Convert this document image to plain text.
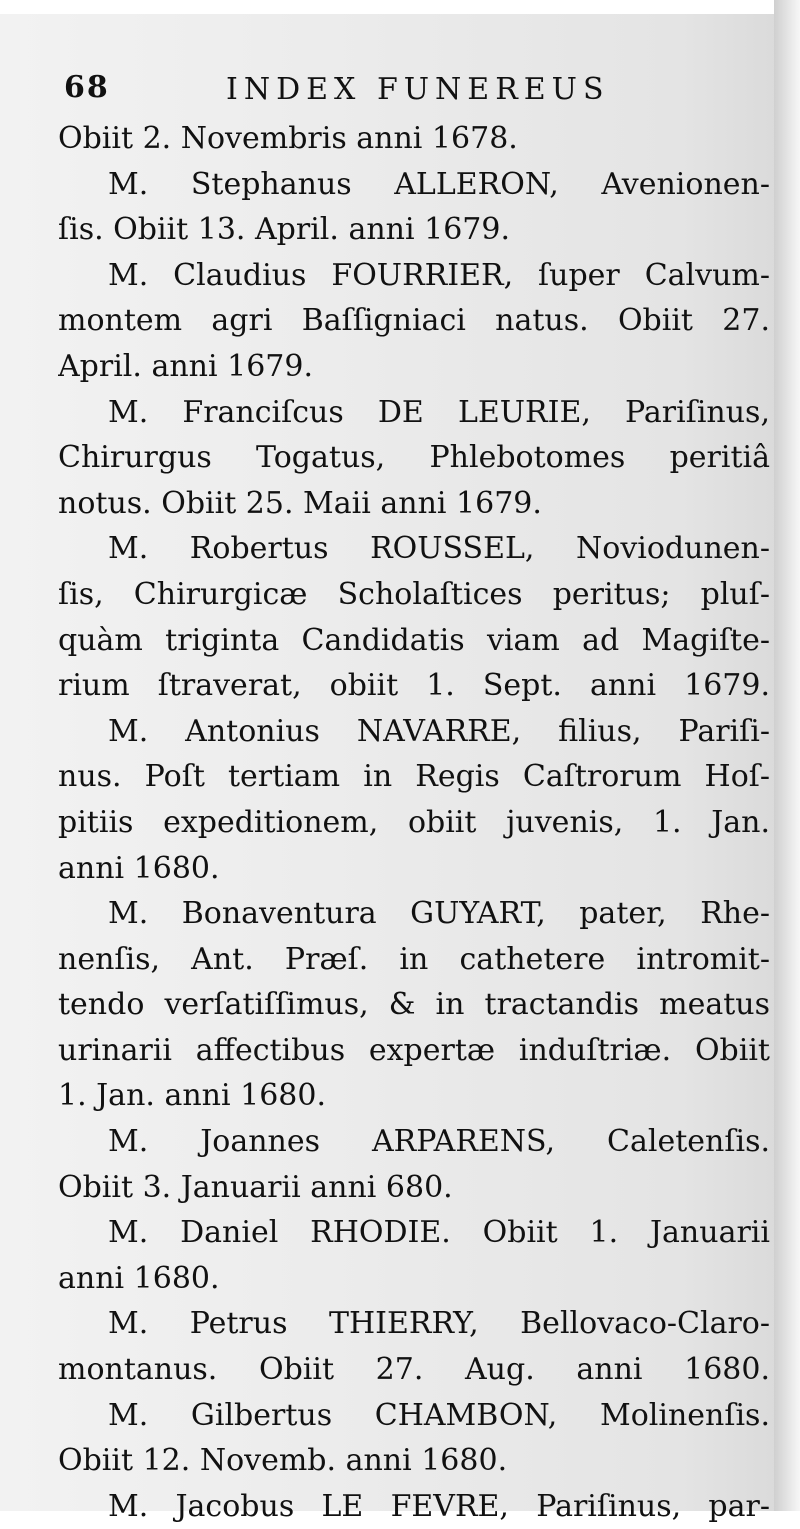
68	INDEX FUNEREUS
Obiit 2. Novembris anni 1678.
M. Stephanus ALLERON, Avenionen-
ſis. Obiit 13. April. anni 1679.
M. Claudius FOURRIER, ſuper Calvum-
montem agri Baſſigniaci natus. Obiit 27.
April. anni 1679.
M. Franciſcus DE LEURIE, Pariſinus,
Chirurgus Togatus, Phlebotomes peritiâ
notus. Obiit 25. Maii anni 1679.
M. Robertus ROUSSEL, Noviodunen-
ſis, Chirurgicæ Scholaſtices peritus; pluſ-
quàm triginta Candidatis viam ad Magiſte-
rium ſtraverat, obiit 1. Sept. anni 1679.
M. Antonius NAVARRE, filius, Pariſi-
nus. Poſt tertiam in Regis Caſtrorum Hoſ-
pitiis expeditionem, obiit juvenis, 1. Jan.
anni 1680.
M. Bonaventura GUYART, pater, Rhe-
nenſis, Ant. Præſ. in cathetere intromit-
tendo verſatiſſimus, & in tractandis meatus
urinarii affectibus expertæ induſtriæ. Obiit
1. Jan. anni 1680.
M. Joannes ARPARENS, Caletenſis.
Obiit 3. Januarii anni 680.
M. Daniel RHODIE. Obiit 1. Januarii
anni 1680.
M. Petrus THIERRY, Bellovaco-Claro-
montanus. Obiit 27. Aug. anni 1680.
M. Gilbertus CHAMBON, Molinenſis.
Obiit 12. Novemb. anni 1680.
M. Jacobus LE FEVRE, Pariſinus, par-
